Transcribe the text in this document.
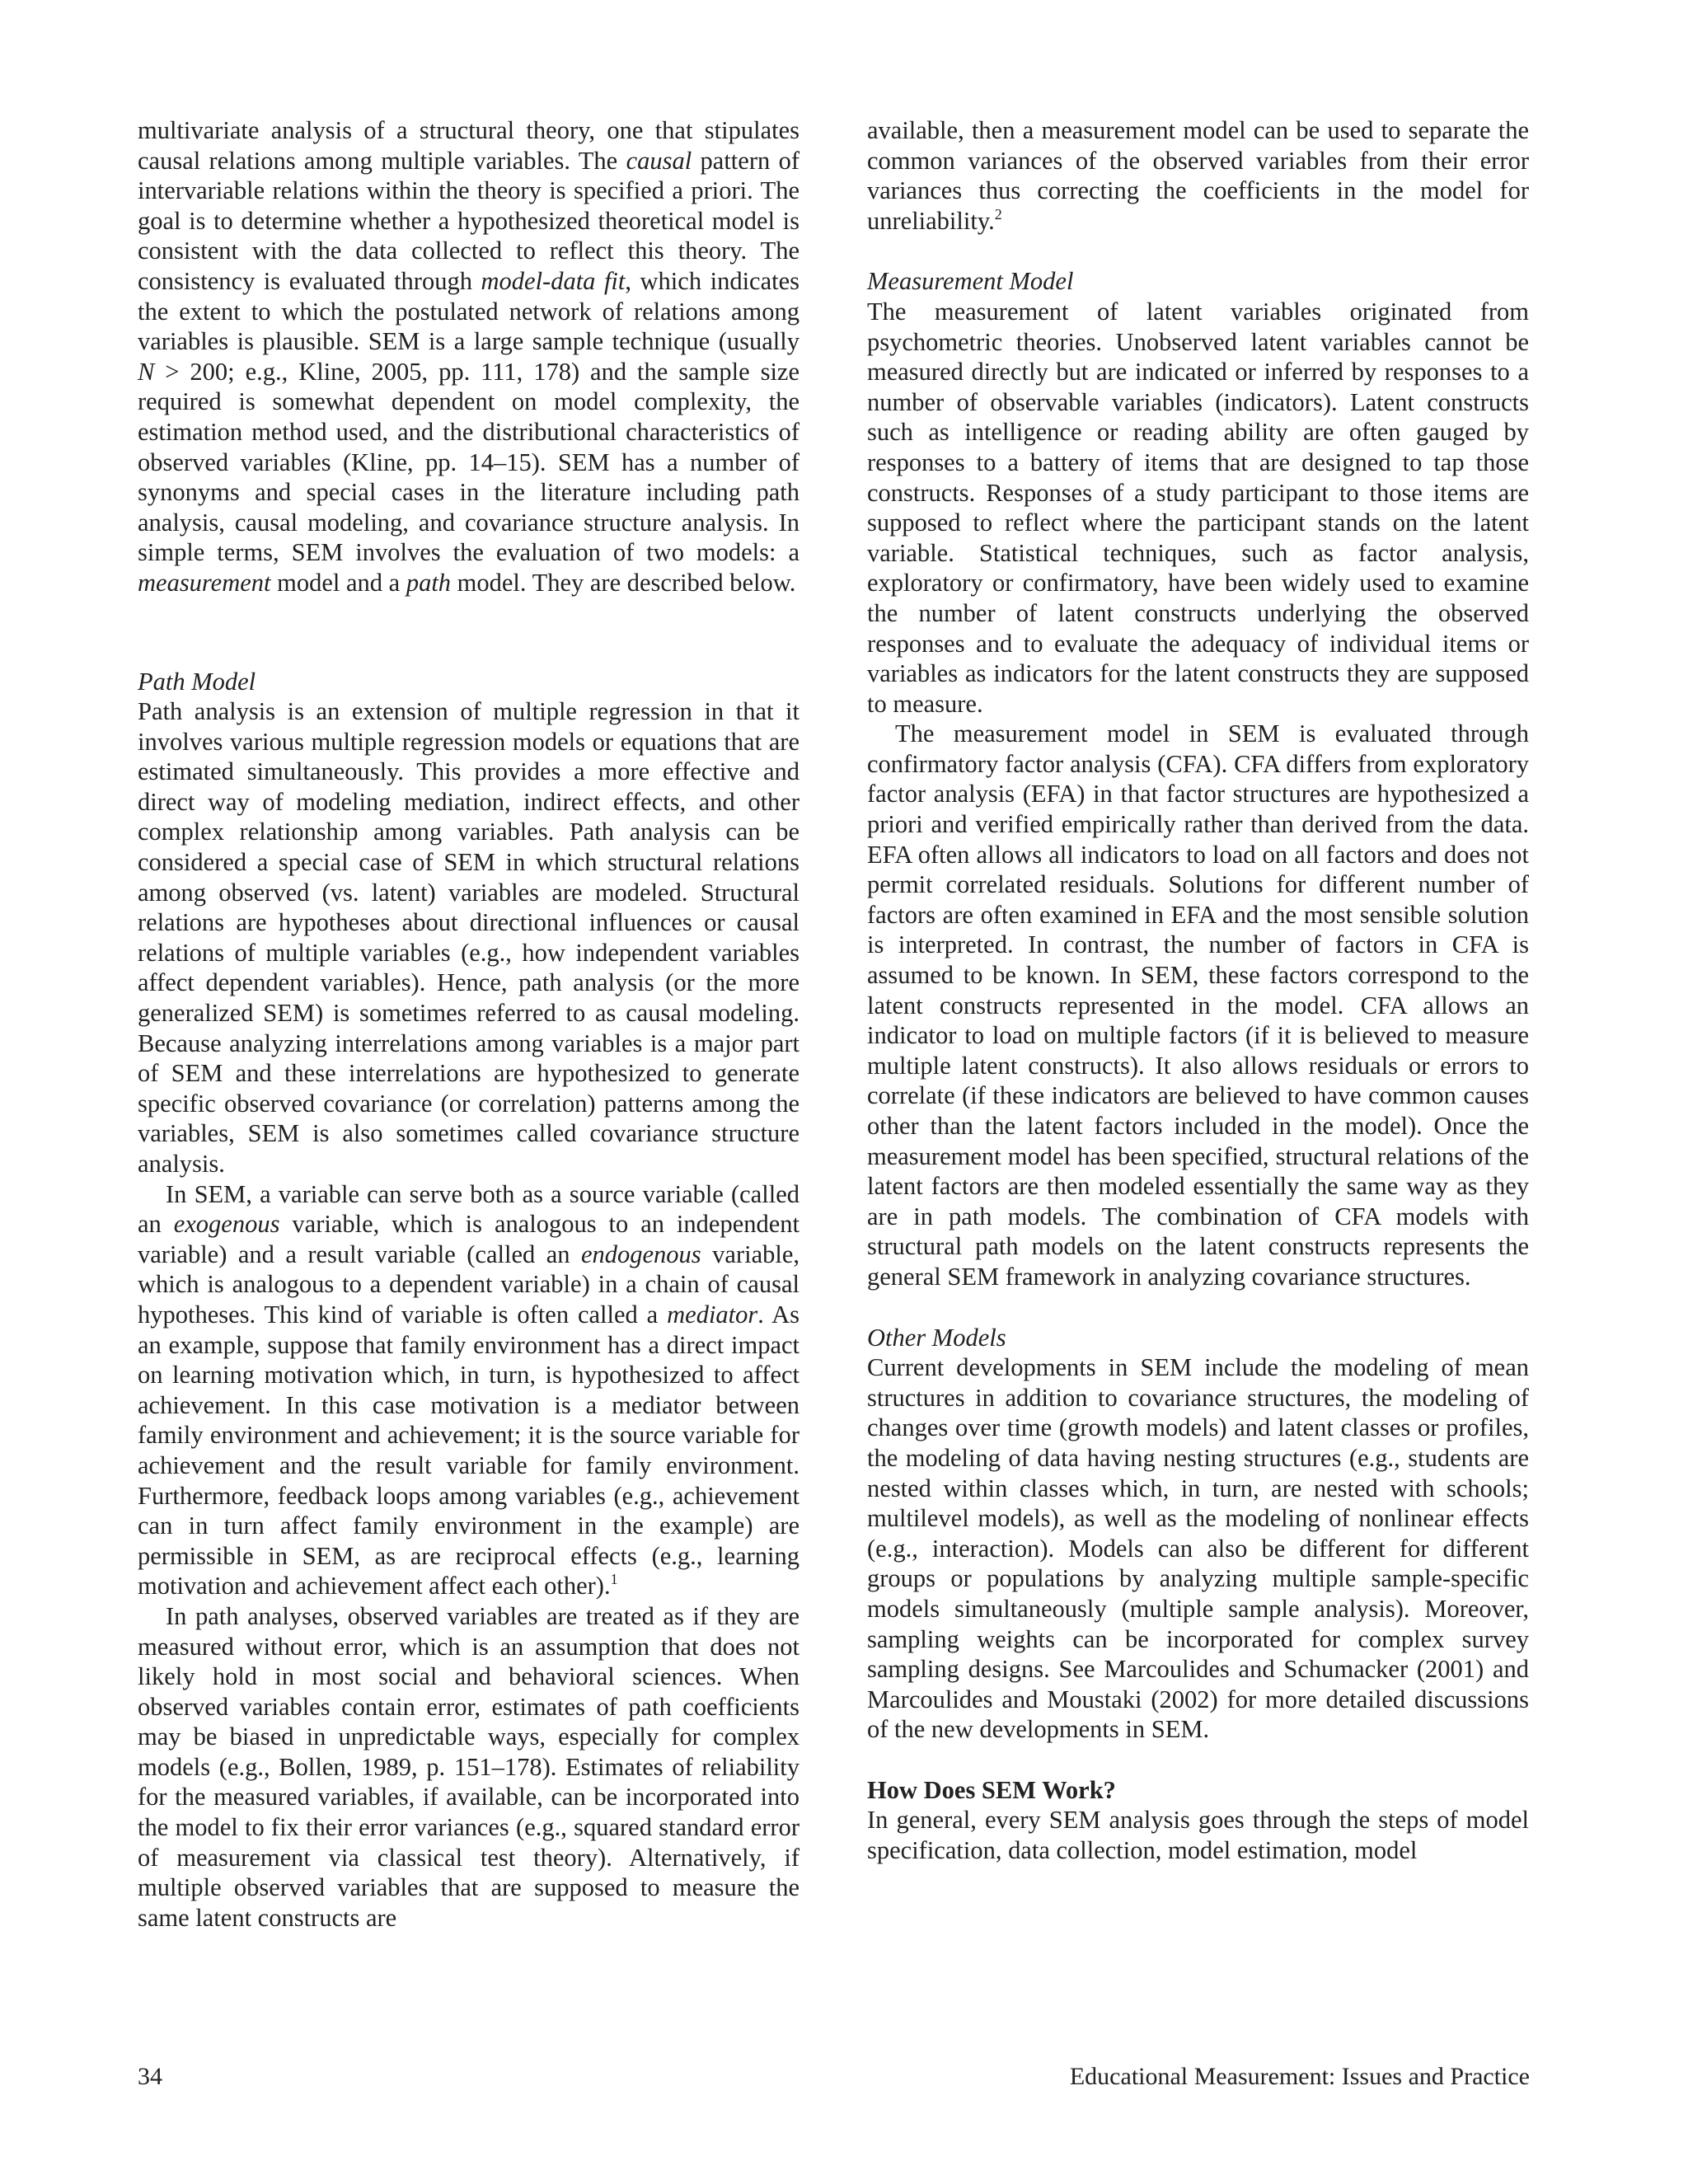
multivariate analysis of a structural theory, one that stipulates causal relations among multiple variables. The causal pattern of intervariable relations within the theory is specified a priori. The goal is to determine whether a hypothesized theoretical model is consistent with the data collected to reflect this theory. The consistency is evaluated through model-data fit, which indicates the extent to which the postulated network of relations among variables is plausible. SEM is a large sample technique (usually N > 200; e.g., Kline, 2005, pp. 111, 178) and the sample size required is somewhat dependent on model complexity, the estimation method used, and the distributional characteristics of observed variables (Kline, pp. 14–15). SEM has a number of synonyms and special cases in the literature including path analysis, causal modeling, and covariance structure analysis. In simple terms, SEM involves the evaluation of two models: a measurement model and a path model. They are described below.

Path Model

Path analysis is an extension of multiple regression in that it involves various multiple regression models or equations that are estimated simultaneously. This provides a more effective and direct way of modeling mediation, indirect effects, and other complex relationship among variables. Path analysis can be considered a special case of SEM in which structural relations among observed (vs. latent) variables are modeled. Structural relations are hypotheses about directional influences or causal relations of multiple variables (e.g., how independent variables affect dependent variables). Hence, path analysis (or the more generalized SEM) is sometimes referred to as causal modeling. Because analyzing interrelations among variables is a major part of SEM and these interrelations are hypothesized to generate specific observed covariance (or correlation) patterns among the variables, SEM is also sometimes called covariance structure analysis.

In SEM, a variable can serve both as a source variable (called an exogenous variable, which is analogous to an independent variable) and a result variable (called an endogenous variable, which is analogous to a dependent variable) in a chain of causal hypotheses. This kind of variable is often called a mediator. As an example, suppose that family environment has a direct impact on learning motivation which, in turn, is hypothesized to affect achievement. In this case motivation is a mediator between family environment and achievement; it is the source variable for achievement and the result variable for family environment. Furthermore, feedback loops among variables (e.g., achievement can in turn affect family environment in the example) are permissible in SEM, as are reciprocal effects (e.g., learning motivation and achievement affect each other).$^1$

In path analyses, observed variables are treated as if they are measured without error, which is an assumption that does not likely hold in most social and behavioral sciences. When observed variables contain error, estimates of path coefficients may be biased in unpredictable ways, especially for complex models (e.g., Bollen, 1989, p. 151–178). Estimates of reliability for the measured variables, if available, can be incorporated into the model to fix their error variances (e.g., squared standard error of measurement via classical test theory). Alternatively, if multiple observed variables that are supposed to measure the same latent constructs are

available, then a measurement model can be used to separate the common variances of the observed variables from their error variances thus correcting the coefficients in the model for unreliability.$^2$

Measurement Model

The measurement of latent variables originated from psychometric theories. Unobserved latent variables cannot be measured directly but are indicated or inferred by responses to a number of observable variables (indicators). Latent constructs such as intelligence or reading ability are often gauged by responses to a battery of items that are designed to tap those constructs. Responses of a study participant to those items are supposed to reflect where the participant stands on the latent variable. Statistical techniques, such as factor analysis, exploratory or confirmatory, have been widely used to examine the number of latent constructs underlying the observed responses and to evaluate the adequacy of individual items or variables as indicators for the latent constructs they are supposed to measure.

The measurement model in SEM is evaluated through confirmatory factor analysis (CFA). CFA differs from exploratory factor analysis (EFA) in that factor structures are hypothesized a priori and verified empirically rather than derived from the data. EFA often allows all indicators to load on all factors and does not permit correlated residuals. Solutions for different number of factors are often examined in EFA and the most sensible solution is interpreted. In contrast, the number of factors in CFA is assumed to be known. In SEM, these factors correspond to the latent constructs represented in the model. CFA allows an indicator to load on multiple factors (if it is believed to measure multiple latent constructs). It also allows residuals or errors to correlate (if these indicators are believed to have common causes other than the latent factors included in the model). Once the measurement model has been specified, structural relations of the latent factors are then modeled essentially the same way as they are in path models. The combination of CFA models with structural path models on the latent constructs represents the general SEM framework in analyzing covariance structures.

Other Models

Current developments in SEM include the modeling of mean structures in addition to covariance structures, the modeling of changes over time (growth models) and latent classes or profiles, the modeling of data having nesting structures (e.g., students are nested within classes which, in turn, are nested with schools; multilevel models), as well as the modeling of nonlinear effects (e.g., interaction). Models can also be different for different groups or populations by analyzing multiple sample-specific models simultaneously (multiple sample analysis). Moreover, sampling weights can be incorporated for complex survey sampling designs. See Marcoulides and Schumacker (2001) and Marcoulides and Moustaki (2002) for more detailed discussions of the new developments in SEM.

How Does SEM Work?

In general, every SEM analysis goes through the steps of model specification, data collection, model estimation, model

34	Educational Measurement: Issues and Practice
